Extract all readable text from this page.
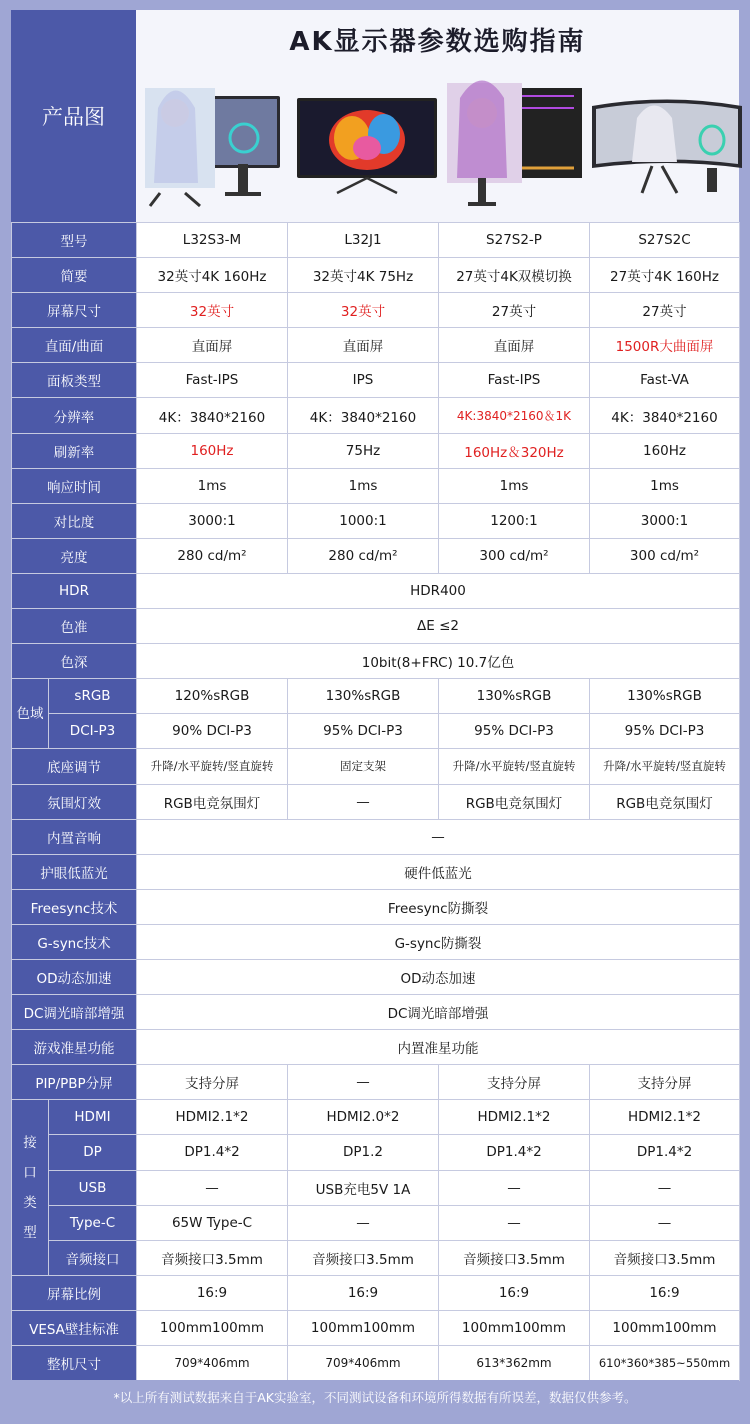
AK显示器参数选购指南
产品图
型号		L32S3-M	L32J1	S27S2-P	S27S2C
简要		32英寸4K 160Hz	32英寸4K 75Hz	27英寸4K双模切换	27英寸4K 160Hz
屏幕尺寸		32英寸	32英寸	27英寸	27英寸
直面/曲面		直面屏	直面屏	直面屏	1500R大曲面屏
面板类型		Fast-IPS	IPS	Fast-IPS	Fast-VA
分辨率		4K：3840*2160	4K：3840*2160	4K:3840*2160＆1K	4K：3840*2160
刷新率		160Hz	75Hz	160Hz＆320Hz	160Hz
响应时间		1ms	1ms	1ms	1ms
对比度		3000:1	1000:1	1200:1	3000:1
亮度		280 cd/m²	280 cd/m²	300 cd/m²	300 cd/m²
HDR		HDR400			
色准		ΔE ≤2			
色深		10bit(8+FRC) 10.7亿色			
色域	sRGB	120%sRGB	130%sRGB	130%sRGB	130%sRGB
	DCI-P3	90% DCI-P3	95% DCI-P3	95% DCI-P3	95% DCI-P3
底座调节		升降/水平旋转/竖直旋转	固定支架	升降/水平旋转/竖直旋转	升降/水平旋转/竖直旋转
氛围灯效		RGB电竞氛围灯	—	RGB电竞氛围灯	RGB电竞氛围灯
内置音响		—			
护眼低蓝光		硬件低蓝光			
Freesync技术		Freesync防撕裂			
G-sync技术		G-sync防撕裂			
OD动态加速		OD动态加速			
DC调光暗部增强		DC调光暗部增强			
游戏准星功能		内置准星功能			
PIP/PBP分屏		支持分屏	—	支持分屏	支持分屏
接口类型	HDMI	HDMI2.1*2	HDMI2.0*2	HDMI2.1*2	HDMI2.1*2
	DP	DP1.4*2	DP1.2	DP1.4*2	DP1.4*2
	USB	—	USB充电5V 1A	—	—
	Type-C	65W Type-C	—	—	—
	音频接口	音频接口3.5mm	音频接口3.5mm	音频接口3.5mm	音频接口3.5mm
屏幕比例		16:9	16:9	16:9	16:9
VESA壁挂标准		100mm100mm	100mm100mm	100mm100mm	100mm100mm
整机尺寸		709*406mm	709*406mm	613*362mm	610*360*385~550mm
*以上所有测试数据来自于AK实验室，不同测试设备和环境所得数据有所误差，数据仅供参考。
